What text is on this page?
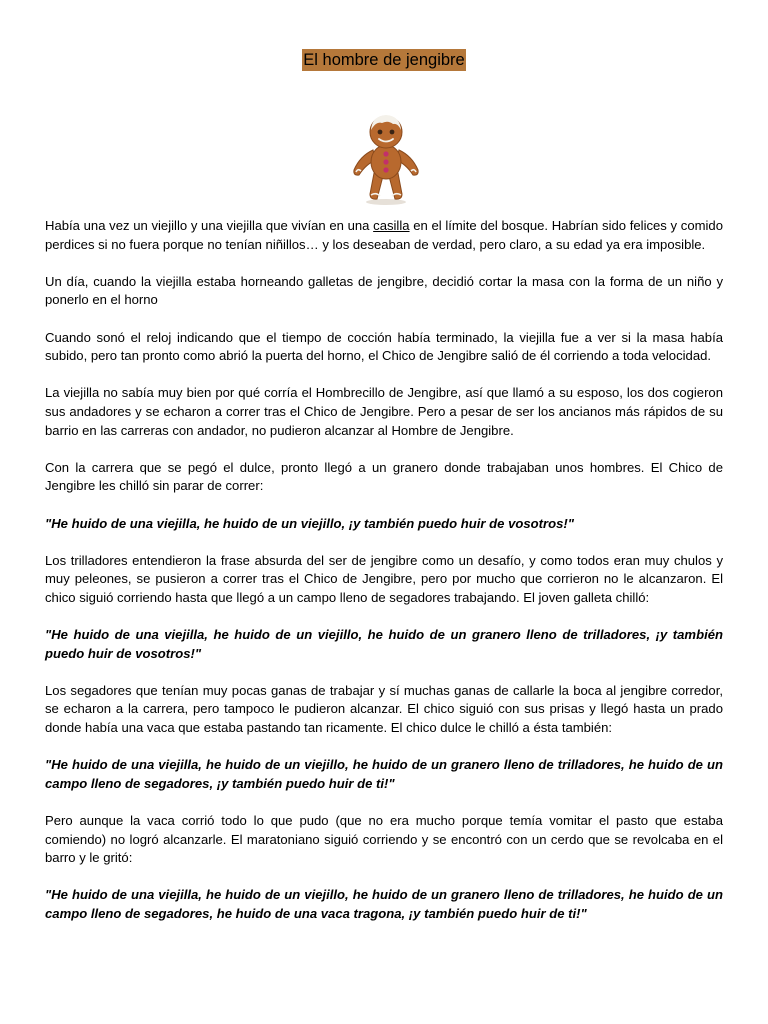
El hombre de jengibre

Había una vez un viejillo y una viejilla que vivían en una casilla en el límite del bosque. Habrían sido felices y comido perdices si no fuera porque no tenían niñillos… y los deseaban de verdad, pero claro, a su edad ya era imposible.

Un día, cuando la viejilla estaba horneando galletas de jengibre, decidió cortar la masa con la forma de un niño y ponerlo en el horno

Cuando sonó el reloj indicando que el tiempo de cocción había terminado, la viejilla fue a ver si la masa había subido, pero tan pronto como abrió la puerta del horno, el Chico de Jengibre salió de él corriendo a toda velocidad.

La viejilla no sabía muy bien por qué corría el Hombrecillo de Jengibre, así que llamó a su esposo, los dos cogieron sus andadores y se echaron a correr tras el Chico de Jengibre. Pero a pesar de ser los ancianos más rápidos de su barrio en las carreras con andador, no pudieron alcanzar al Hombre de Jengibre.

Con la carrera que se pegó el dulce, pronto llegó a un granero donde trabajaban unos hombres. El Chico de Jengibre les chilló sin parar de correr:

"He huido de una viejilla, he huido de un viejillo, ¡y también puedo huir de vosotros!"

Los trilladores entendieron la frase absurda del ser de jengibre como un desafío, y como todos eran muy chulos y muy peleones, se pusieron a correr tras el Chico de Jengibre, pero por mucho que corrieron no le alcanzaron. El chico siguió corriendo hasta que llegó a un campo lleno de segadores trabajando. El joven galleta chilló:

"He huido de una viejilla, he huido de un viejillo, he huido de un granero lleno de trilladores, ¡y también puedo huir de vosotros!"

Los segadores que tenían muy pocas ganas de trabajar y sí muchas ganas de callarle la boca al jengibre corredor, se echaron a la carrera, pero tampoco le pudieron alcanzar. El chico siguió con sus prisas y llegó hasta un prado donde había una vaca que estaba pastando tan ricamente. El chico dulce le chilló a ésta también:

"He huido de una viejilla, he huido de un viejillo, he huido de un granero lleno de trilladores, he huido de un campo lleno de segadores, ¡y también puedo huir de ti!"

Pero aunque la vaca corrió todo lo que pudo (que no era mucho porque temía vomitar el pasto que estaba comiendo) no logró alcanzarle. El maratoniano siguió corriendo y se encontró con un cerdo que se revolcaba en el barro y le gritó:

"He huido de una viejilla, he huido de un viejillo, he huido de un granero lleno de trilladores, he huido de un campo lleno de segadores, he huido de una vaca tragona, ¡y también puedo huir de ti!"
